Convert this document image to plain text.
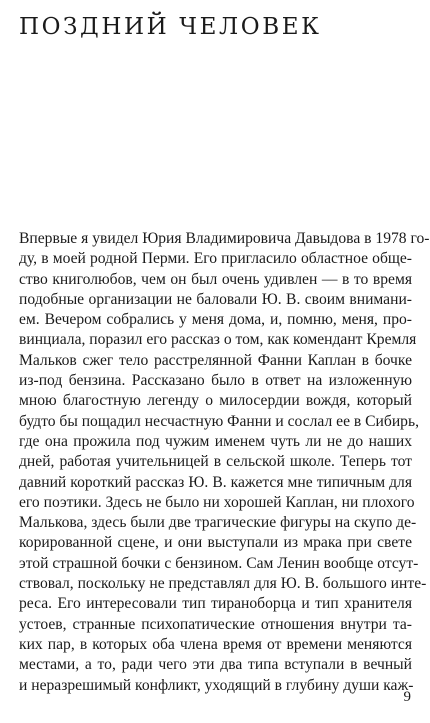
ПОЗДНИЙ ЧЕЛОВЕК
Впервые я увидел Юрия Владимировича Давыдова в 1978 го-
ду, в моей родной Перми. Его пригласило областное обще-
ство книголюбов, чем он был очень удивлен — в то время
подобные организации не баловали Ю. В. своим внимани-
ем. Вечером собрались у меня дома, и, помню, меня, про-
винциала, поразил его рассказ о том, как комендант Кремля
Мальков сжег тело расстрелянной Фанни Каплан в бочке
из-под бензина. Рассказано было в ответ на изложенную
мною благостную легенду о милосердии вождя, который
будто бы пощадил несчастную Фанни и сослал ее в Сибирь,
где она прожила под чужим именем чуть ли не до наших
дней, работая учительницей в сельской школе. Теперь тот
давний короткий рассказ Ю. В. кажется мне типичным для
его поэтики. Здесь не было ни хорошей Каплан, ни плохого
Малькова, здесь были две трагические фигуры на скупо де-
корированной сцене, и они выступали из мрака при свете
этой страшной бочки с бензином. Сам Ленин вообще отсут-
ствовал, поскольку не представлял для Ю. В. большого инте-
реса. Его интересовали тип тираноборца и тип хранителя
устоев, странные психопатические отношения внутри та-
ких пар, в которых оба члена время от времени меняются
местами, а то, ради чего эти два типа вступали в вечный
и неразрешимый конфликт, уходящий в глубину души каж-
9
